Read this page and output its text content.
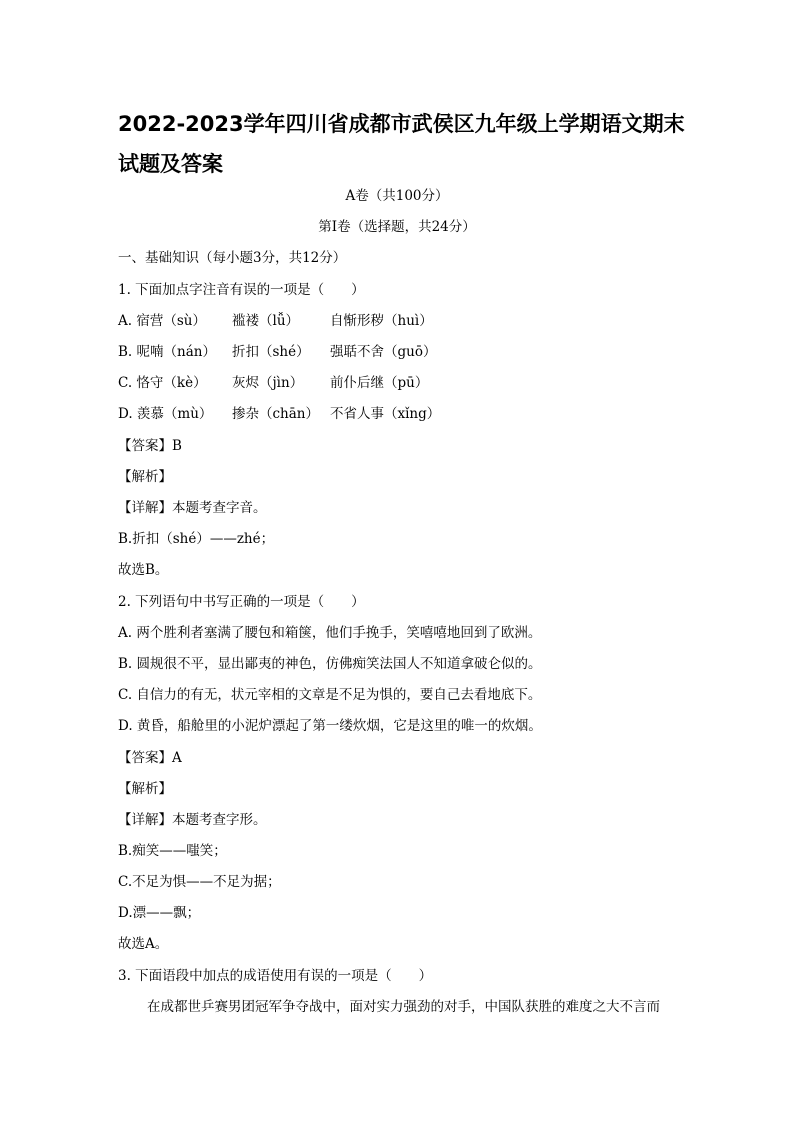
2022-2023学年四川省成都市武侯区九年级上学期语文期末
试题及答案
A卷（共100分）
第Ⅰ卷（选择题，共24分）
一、基础知识（每小题3分，共12分）
1. 下面加点字注音有误的一项是（　　）
A. 宿营（sù） 褴褛（lǚ） 自惭形秽（huì）
B. 呢喃（nán） 折扣（shé） 强聒不舍（guō）
C. 恪守（kè） 灰烬（jìn） 前仆后继（pū）
D. 羡慕（mù） 掺杂（chān） 不省人事（xǐng）
【答案】B
【解析】
【详解】本题考查字音。
B.折扣（shé）——zhé；
故选B。
2. 下列语句中书写正确的一项是（　　）
A. 两个胜利者塞满了腰包和箱箧，他们手挽手，笑嘻嘻地回到了欧洲。
B. 圆规很不平，显出鄙夷的神色，仿佛痴笑法国人不知道拿破仑似的。
C. 自信力的有无，状元宰相的文章是不足为惧的，要自己去看地底下。
D. 黄昏，船舱里的小泥炉漂起了第一缕炊烟，它是这里的唯一的炊烟。
【答案】A
【解析】
【详解】本题考查字形。
B.痴笑——嗤笑；
C.不足为惧——不足为据；
D.漂——飘；
故选A。
3. 下面语段中加点的成语使用有误的一项是（　　）
在成都世乒赛男团冠军争夺战中，面对实力强劲的对手，中国队获胜的难度之大不言而
